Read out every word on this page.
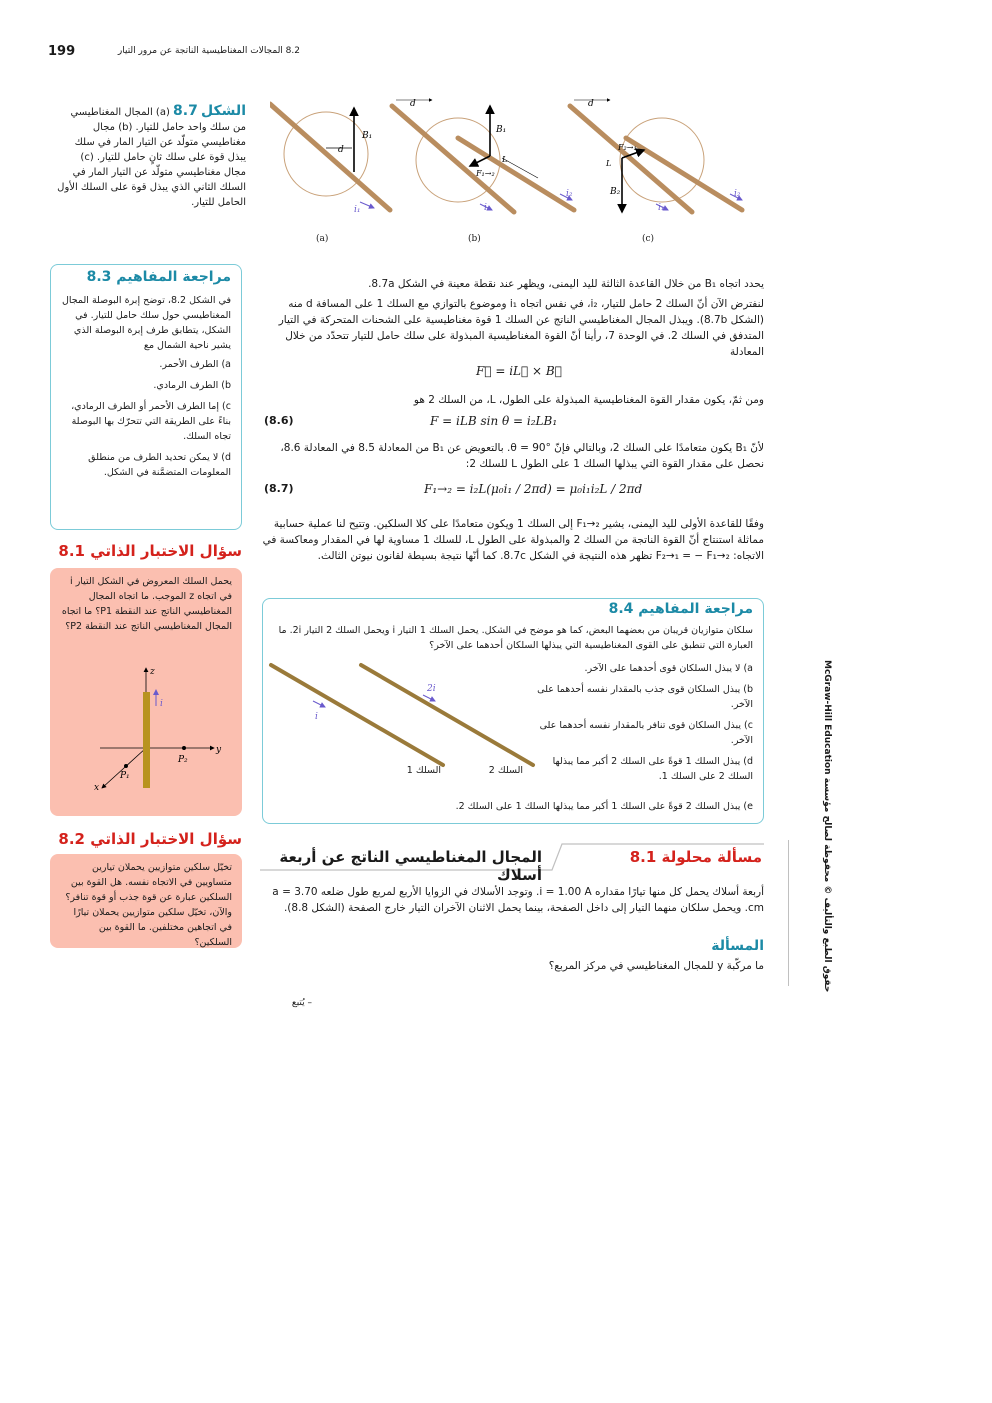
199	8.2 المجالات المغناطيسية الناتجة عن مرور التيار
الشكل 8.7 (a) المجال المغناطيسي من سلك واحد حامل للتيار. (b) مجال مغناطيسي متولّد عن التيار المار في سلك يبذل قوة على سلك ثانٍ حامل للتيار. (c) مجال مغناطيسي متولّد عن التيار المار في السلك الثاني الذي يبذل قوة على السلك الأول الحامل للتيار.
B₁
d
i₁
B₁
d
F₁→₂
L
i₁
i₂
d
F₂→₁
L
B₂
i₁
i₂
(a)	(b)	(c)
مراجعة المفاهيم 8.3
في الشكل 8.2، توضح إبرة البوصلة المجال المغناطيسي حول سلك حامل للتيار. في الشكل، يتطابق طرف إبرة البوصلة الذي يشير ناحية الشمال مع
a) الطرف الأحمر.
b) الطرف الرمادي.
c) إما الطرف الأحمر أو الطرف الرمادي، بناءً على الطريقة التي تتحرّك بها البوصلة تجاه السلك.
d) لا يمكن تحديد الطرف من منطلق المعلومات المتضمَّنة في الشكل.
سؤال الاختبار الذاتي 8.1
يحمل السلك المعروض في الشكل التيار i في اتجاه z الموجب. ما اتجاه المجال المغناطيسي الناتج عند النقطة P1؟ ما اتجاه المجال المغناطيسي الناتج عند النقطة P2؟
z
y
x
i
P₁
P₂
سؤال الاختبار الذاتي 8.2
تخيّل سلكين متوازيين يحملان تيارين متساويين في الاتجاه نفسه. هل القوة بين السلكين عبارة عن قوة جذب أو قوة تنافر؟ والآن، تخيّل سلكين متوازيين يحملان تيارًا في اتجاهين مختلفين. ما القوة بين السلكين؟
يحدد اتجاه B₁ من خلال القاعدة الثالثة لليد اليمنى، ويظهر عند نقطة معينة في الشكل 8.7a.
لنفترض الآن أنّ السلك 2 حامل للتيار، i₂، في نفس اتجاه i₁ وموضوع بالتوازي مع السلك 1 على المسافة d منه (الشكل 8.7b). ويبذل المجال المغناطيسي الناتج عن السلك 1 قوة مغناطيسية على الشحنات المتحركة في التيار المتدفق في السلك 2. في الوحدة 7، رأينا أنّ القوة المغناطيسية المبذولة على سلك حامل للتيار تتحدّد من خلال المعادلة
F⃗ = iL⃗ × B⃗
ومن ثمّ، يكون مقدار القوة المغناطيسية المبذولة على الطول، L، من السلك 2 هو
F = iLB sin θ = i₂LB₁
(8.6)
لأنّ B₁ يكون متعامدًا على السلك 2، وبالتالي فإنّ θ = 90°. بالتعويض عن B₁ من المعادلة 8.5 في المعادلة 8.6، نحصل على مقدار القوة التي يبذلها السلك 1 على الطول L للسلك 2:
F₁→₂ = i₂L(μ₀i₁ / 2πd) = μ₀i₁i₂L / 2πd
(8.7)
وفقًا للقاعدة الأولى لليد اليمنى، يشير F₁→₂ إلى السلك 1 ويكون متعامدًا على كلا السلكين. وتتيح لنا عملية حسابية مماثلة استنتاج أنّ القوة الناتجة من السلك 2 والمبذولة على الطول L، للسلك 1 مساوية لها في المقدار ومعاكسة في الاتجاه: F₂→₁ = − F₁→₂ تظهر هذه النتيجة في الشكل 8.7c. كما أنّها نتيجة بسيطة لقانون نيوتن الثالث.
مراجعة المفاهيم 8.4
سلكان متوازيان قريبان من بعضهما البعض، كما هو موضح في الشكل. يحمل السلك 1 التيار i ويحمل السلك 2 التيار 2i. ما العبارة التي تنطبق على القوى المغناطيسية التي يبذلها السلكان أحدهما على الآخر؟
i
2i
السلك 1	السلك 2
a) لا يبذل السلكان قوى أحدهما على الآخر.
b) يبذل السلكان قوى جذب بالمقدار نفسه أحدهما على الآخر.
c) يبذل السلكان قوى تنافر بالمقدار نفسه أحدهما على الآخر.
d) يبذل السلك 1 قوةً على السلك 2 أكبر مما يبذلها السلك 2 على السلك 1.
e) يبذل السلك 2 قوةً على السلك 1 أكبر مما يبذلها السلك 1 على السلك 2.
المجال المغناطيسي الناتج عن أربعة أسلاك
مسألة محلولة 8.1
أربعة أسلاك يحمل كل منها تيارًا مقداره i = 1.00 A. وتوجد الأسلاك في الزوايا الأربع لمربع طول ضلعه a = 3.70 cm. ويحمل سلكان منهما التيار إلى داخل الصفحة، بينما يحمل الاثنان الآخران التيار خارج الصفحة (الشكل 8.8).
المسألة
ما مركّبة y للمجال المغناطيسي في مركز المربع؟
– يُتبع
حقوق الطبع والتأليف © محفوظة لصالح مؤسسة McGraw-Hill Education
